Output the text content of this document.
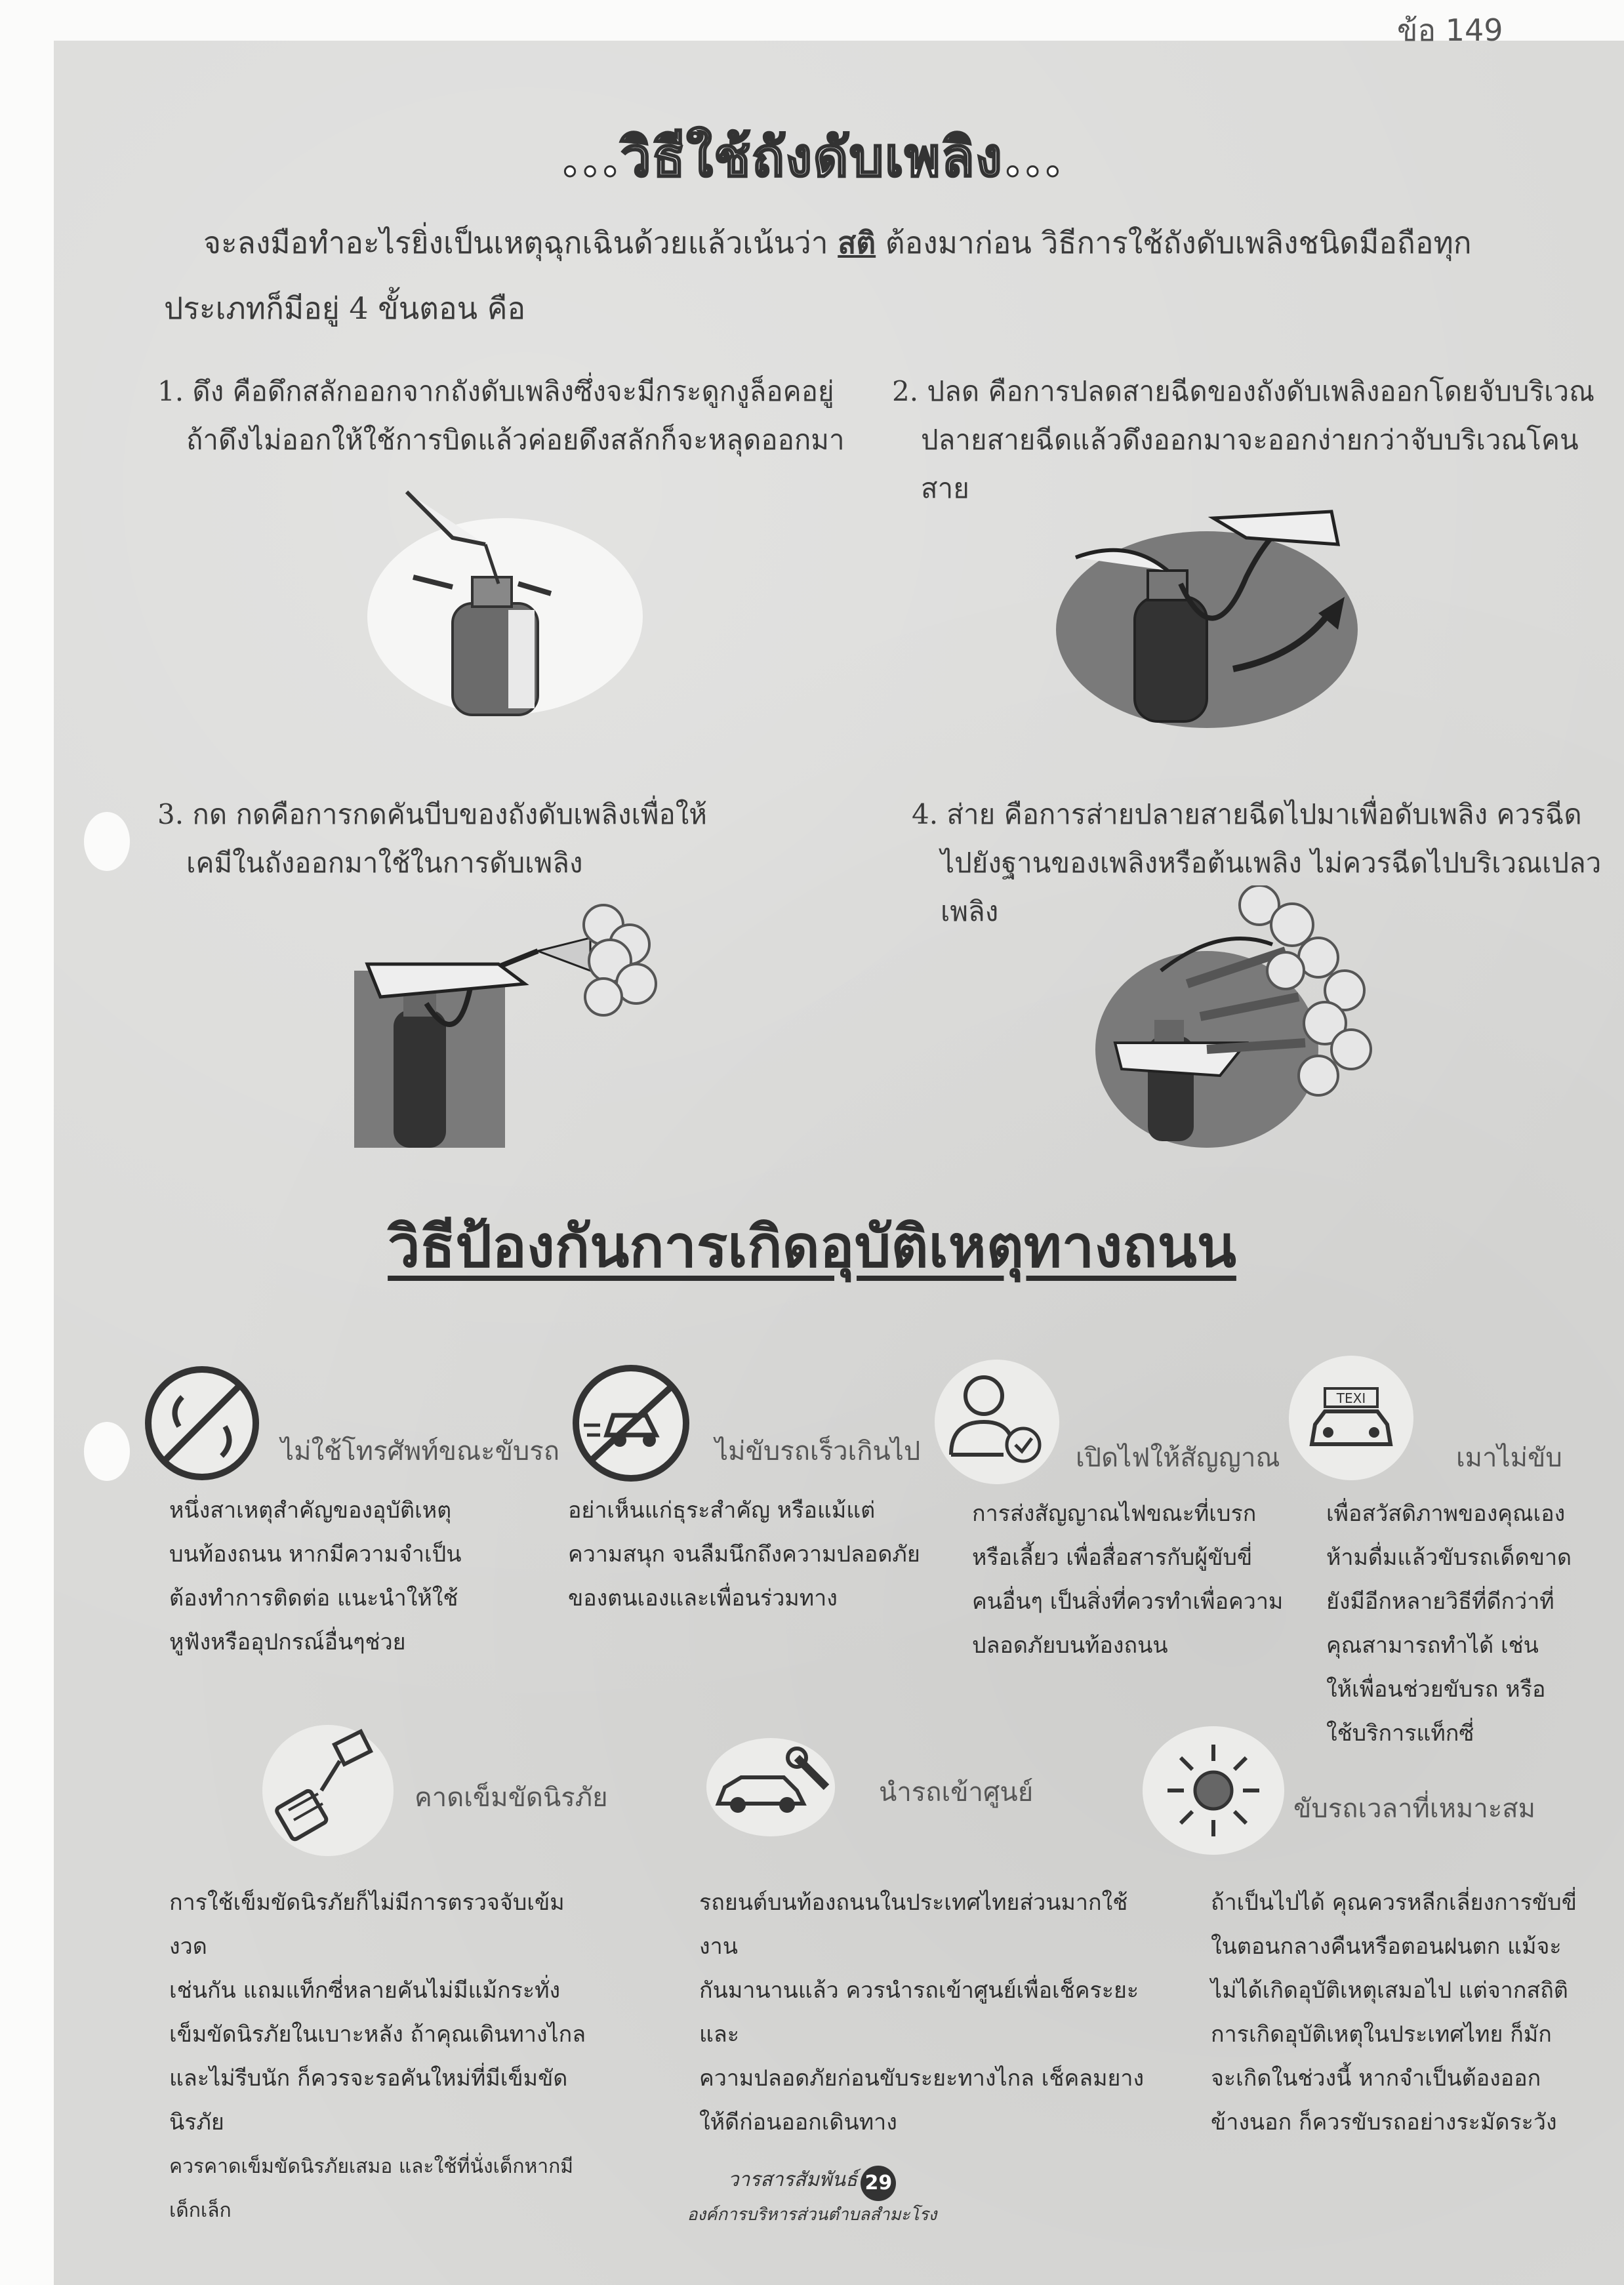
ข้อ 149
...วิธีใช้ถังดับเพลิง...
จะลงมือทำอะไรยิ่งเป็นเหตุฉุกเฉินด้วยแล้วเน้นว่า สติ ต้องมาก่อน วิธีการใช้ถังดับเพลิงชนิดมือถือทุกประเภทก็มีอยู่ 4 ขั้นตอน คือ

1. ดึง คือดึกสลักออกจากถังดับเพลิงซึ่งจะมีกระดูกงูล็อคอยู่

ถ้าดึงไม่ออกให้ใช้การบิดแล้วค่อยดึงสลักก็จะหลุดออกมา

2. ปลด คือการปลดสายฉีดของถังดับเพลิงออกโดยจับบริเวณ

ปลายสายฉีดแล้วดึงออกมาจะออกง่ายกว่าจับบริเวณโคนสาย

3. กด กดคือการกดคันบีบของถังดับเพลิงเพื่อให้

เคมีในถังออกมาใช้ในการดับเพลิง

4. ส่าย คือการส่ายปลายสายฉีดไปมาเพื่อดับเพลิง ควรฉีด

ไปยังฐานของเพลิงหรือต้นเพลิง ไม่ควรฉีดไปบริเวณเปลวเพลิง

วิธีป้องกันการเกิดอุบัติเหตุทางถนน
ไม่ใช้โทรศัพท์ขณะขับรถ	ไม่ขับรถเร็วเกินไป	เปิดไฟให้สัญญาณ
TEXI
เมาไม่ขับ

หนึ่งสาเหตุสำคัญของอุบัติเหตุ

บนท้องถนน หากมีความจำเป็น

ต้องทำการติดต่อ แนะนำให้ใช้

หูฟังหรืออุปกรณ์อื่นๆช่วย

อย่าเห็นแก่ธุระสำคัญ หรือแม้แต่

ความสนุก จนลืมนึกถึงความปลอดภัย

ของตนเองและเพื่อนร่วมทาง

การส่งสัญญาณไฟขณะที่เบรก

หรือเลี้ยว เพื่อสื่อสารกับผู้ขับขี่

คนอื่นๆ เป็นสิ่งที่ควรทำเพื่อความ

ปลอดภัยบนท้องถนน

เพื่อสวัสดิภาพของคุณเอง

ห้ามดื่มแล้วขับรถเด็ดขาด

ยังมีอีกหลายวิธีที่ดีกว่าที่

คุณสามารถทำได้ เช่น

ให้เพื่อนช่วยขับรถ หรือ

ใช้บริการแท็กซี่

คาดเข็มขัดนิรภัย	นำรถเข้าศูนย์
ขับรถเวลาที่เหมาะสม

การใช้เข็มขัดนิรภัยก็ไม่มีการตรวจจับเข้มงวด

เช่นกัน แถมแท็กซี่หลายคันไม่มีแม้กระทั่ง

เข็มขัดนิรภัยในเบาะหลัง ถ้าคุณเดินทางไกล

และไม่รีบนัก ก็ควรจะรอคันใหม่ที่มีเข็มขัดนิรภัย

ควรคาดเข็มขัดนิรภัยเสมอ และใช้ที่นั่งเด็กหากมีเด็กเล็ก

รถยนต์บนท้องถนนในประเทศไทยส่วนมากใช้งาน

กันมานานแล้ว ควรนำรถเข้าศูนย์เพื่อเช็คระยะและ

ความปลอดภัยก่อนขับระยะทางไกล เช็คลมยาง

ให้ดีก่อนออกเดินทาง

ถ้าเป็นไปได้ คุณควรหลีกเลี่ยงการขับขี่

ในตอนกลางคืนหรือตอนฝนตก แม้จะ

ไม่ได้เกิดอุบัติเหตุเสมอไป แต่จากสถิติ

การเกิดอุบัติเหตุในประเทศไทย ก็มัก

จะเกิดในช่วงนี้ หากจำเป็นต้องออก

ข้างนอก ก็ควรขับรถอย่างระมัดระวัง

วารสารสัมพันธ์ 29
องค์การบริหารส่วนตำบลสำมะโรง
